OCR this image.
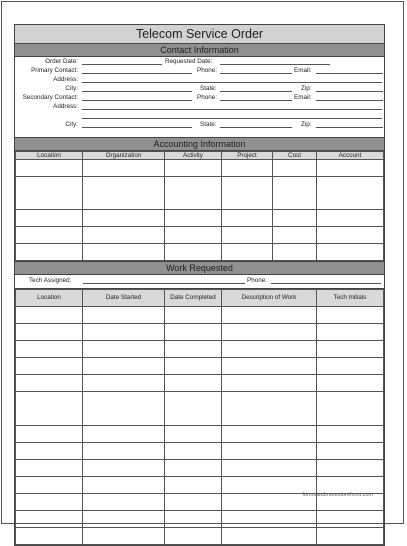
Telecom Service Order
Contact Information
Order Date:	Requested Date:
Primary Contact:	Phone:	Email:
Address:
City:	State:	Zip:
Secondary Contact:	Phone:	Email:
Address:
City:	State:	Zip:
Accounting Information
Location	Organization	Activity	Project	Cost	Account

Work Requested
Tech Assigned:	Phone:
Location	Date Started	Date Completed	Description of Work	Tech Initials

formsandmorestorefront.com
